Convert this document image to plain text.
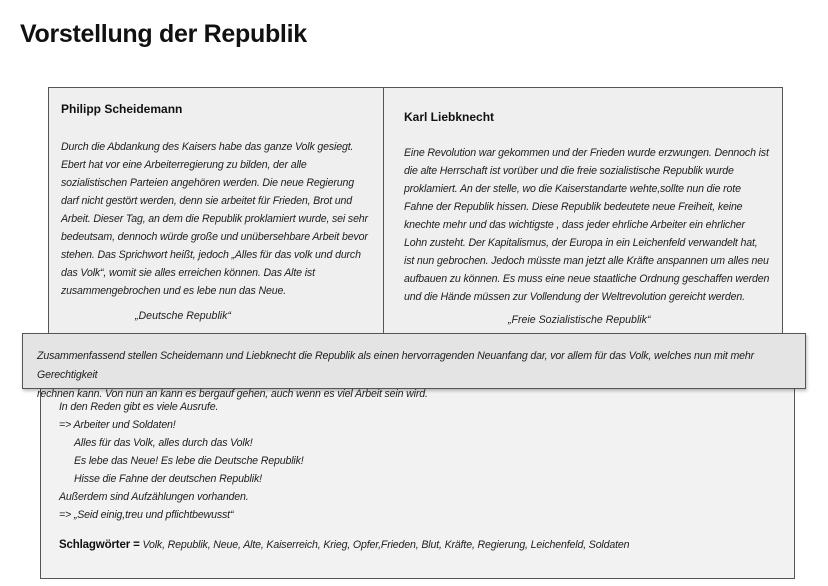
Vorstellung der Republik
Philipp Scheidemann
Durch die Abdankung des Kaisers habe das ganze Volk gesiegt.
Ebert hat vor eine Arbeiterregierung zu bilden, der alle
sozialistischen Parteien angehören werden. Die neue Regierung
darf nicht gestört werden, denn sie arbeitet für Frieden, Brot und
Arbeit. Dieser Tag, an dem die Republik proklamiert wurde, sei sehr
bedeutsam, dennoch würde große und unübersehbare Arbeit bevor
stehen. Das Sprichwort heißt, jedoch „Alles für das volk und durch
das Volk“, womit sie alles erreichen können. Das Alte ist
zusammengebrochen und es lebe nun das Neue.
„Deutsche Republik“
Karl Liebknecht
Eine Revolution war gekommen und der Frieden wurde erzwungen. Dennoch ist
die alte Herrschaft ist vorüber und die freie sozialistische Republik wurde
proklamiert. An der stelle, wo die Kaiserstandarte wehte,sollte nun die rote
Fahne der Republik hissen. Diese Republik bedeutete neue Freiheit, keine
knechte mehr und das wichtigste , dass jeder ehrliche Arbeiter ein ehrlicher
Lohn zusteht. Der Kapitalismus, der Europa in ein Leichenfeld verwandelt hat,
ist nun gebrochen. Jedoch müsste man jetzt alle Kräfte anspannen um alles neu
aufbauen zu können. Es muss eine neue staatliche Ordnung geschaffen werden
und die Hände müssen zur Vollendung der Weltrevolution gereicht werden.
„Freie Sozialistische Republik“
In den Reden gibt es viele Ausrufe.
=> Arbeiter und Soldaten!
Alles für das Volk, alles durch das Volk!
Es lebe das Neue! Es lebe die Deutsche Republik!
Hisse die Fahne der deutschen Republik!
Außerdem sind Aufzählungen vorhanden.
=> „Seid einig,treu und pflichtbewusst“
Schlagwörter = Volk, Republik, Neue, Alte, Kaiserreich, Krieg, Opfer,Frieden, Blut, Kräfte, Regierung, Leichenfeld, Soldaten

Zusammenfassend stellen Scheidemann und Liebknecht die Republik als einen hervorragenden Neuanfang dar, vor allem für das Volk, welches nun mit mehr Gerechtigkeit
rechnen kann. Von nun an kann es bergauf gehen, auch wenn es viel Arbeit sein wird.
